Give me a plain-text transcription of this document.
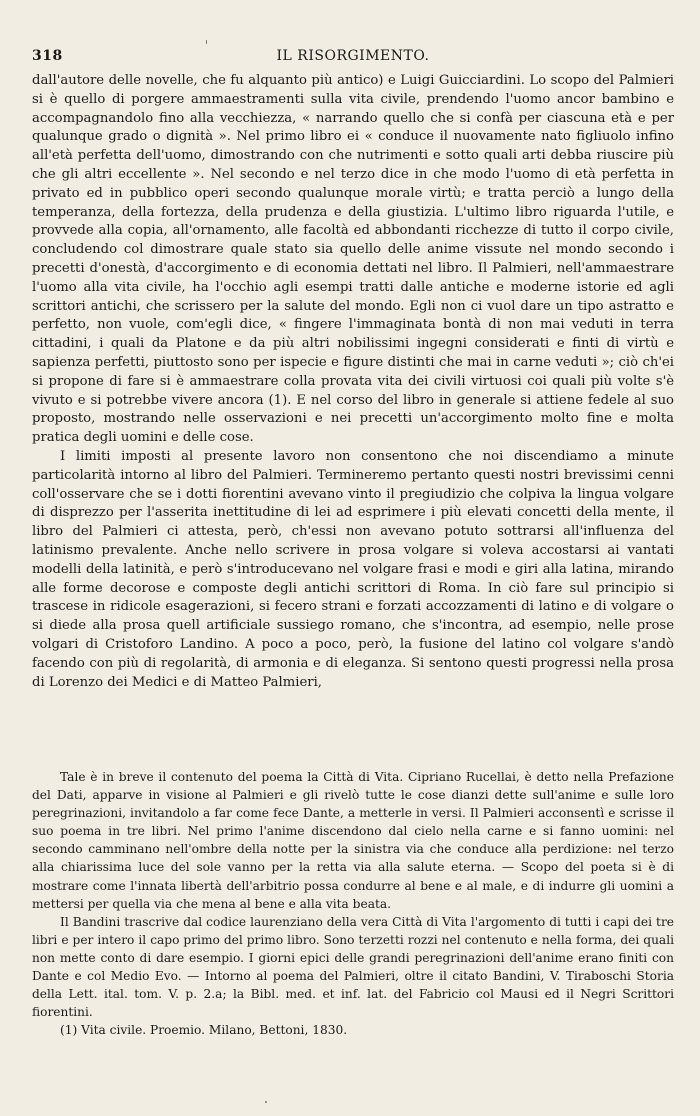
318	IL RISORGIMENTO.

dall'autore delle novelle, che fu alquanto più antico) e Luigi Guicciardini. Lo scopo del Palmieri si è quello di porgere ammaestramenti sulla vita civile, prendendo l'uomo ancor bambino e accompagnandolo fino alla vecchiezza, « narrando quello che si confà per ciascuna età e per qualunque grado o dignità ». Nel primo libro ei « conduce il nuovamente nato figliuolo infino all'età perfetta dell'uomo, dimostrando con che nutrimenti e sotto quali arti debba riuscire più che gli altri eccellente ». Nel secondo e nel terzo dice in che modo l'uomo di età perfetta in privato ed in pubblico operi secondo qualunque morale virtù; e tratta perciò a lungo della temperanza, della fortezza, della prudenza e della giustizia. L'ultimo libro riguarda l'utile, e provvede alla copia, all'ornamento, alle facoltà ed abbondanti ricchezze di tutto il corpo civile, concludendo col dimostrare quale stato sia quello delle anime vissute nel mondo secondo i precetti d'onestà, d'accorgimento e di economia dettati nel libro. Il Palmieri, nell'ammaestrare l'uomo alla vita civile, ha l'occhio agli esempi tratti dalle antiche e moderne istorie ed agli scrittori antichi, che scrissero per la salute del mondo. Egli non ci vuol dare un tipo astratto e perfetto, non vuole, com'egli dice, « fingere l'immaginata bontà di non mai veduti in terra cittadini, i quali da Platone e da più altri nobilissimi ingegni considerati e finti di virtù e sapienza perfetti, piuttosto sono per ispecie e figure distinti che mai in carne veduti »; ciò ch'ei si propone di fare si è ammaestrare colla provata vita dei civili virtuosi coi quali più volte s'è vivuto e si potrebbe vivere ancora (1). E nel corso del libro in generale si attiene fedele al suo proposto, mostrando nelle osservazioni e nei precetti un'accorgimento molto fine e molta pratica degli uomini e delle cose.

I limiti imposti al presente lavoro non consentono che noi discendiamo a minute particolarità intorno al libro del Palmieri. Termineremo pertanto questi nostri brevissimi cenni coll'osservare che se i dotti fiorentini avevano vinto il pregiudizio che colpiva la lingua volgare di disprezzo per l'asserita inettitudine di lei ad esprimere i più elevati concetti della mente, il libro del Palmieri ci attesta, però, ch'essi non avevano potuto sottrarsi all'influenza del latinismo prevalente. Anche nello scrivere in prosa volgare si voleva accostarsi ai vantati modelli della latinità, e però s'introducevano nel volgare frasi e modi e giri alla latina, mirando alle forme decorose e composte degli antichi scrittori di Roma. In ciò fare sul principio si trascese in ridicole esagerazioni, si fecero strani e forzati accozzamenti di latino e di volgare o si diede alla prosa quell artificiale sussiego romano, che s'incontra, ad esempio, nelle prose volgari di Cristoforo Landino. A poco a poco, però, la fusione del latino col volgare s'andò facendo con più di regolarità, di armonia e di eleganza. Si sentono questi progressi nella prosa di Lorenzo dei Medici e di Matteo Palmieri,

Tale è in breve il contenuto del poema la Città di Vita. Cipriano Rucellai, è detto nella Prefazione del Dati, apparve in visione al Palmieri e gli rivelò tutte le cose dianzi dette sull'anime e sulle loro peregrinazioni, invitandolo a far come fece Dante, a metterle in versi. Il Palmieri acconsentì e scrisse il suo poema in tre libri. Nel primo l'anime discendono dal cielo nella carne e si fanno uomini: nel secondo camminano nell'ombre della notte per la sinistra via che conduce alla perdizione: nel terzo alla chiarissima luce del sole vanno per la retta via alla salute eterna. — Scopo del poeta si è di mostrare come l'innata libertà dell'arbitrio possa condurre al bene e al male, e di indurre gli uomini a mettersi per quella via che mena al bene e alla vita beata.

Il Bandini trascrive dal codice laurenziano della vera Città di Vita l'argomento di tutti i capi dei tre libri e per intero il capo primo del primo libro. Sono terzetti rozzi nel contenuto e nella forma, dei quali non mette conto di dare esempio. I giorni epici delle grandi peregrinazioni dell'anime erano finiti con Dante e col Medio Evo. — Intorno al poema del Palmieri, oltre il citato Bandini, V. Tiraboschi Storia della Lett. ital. tom. V. p. 2.a; la Bibl. med. et inf. lat. del Fabricio col Mausi ed il Negri Scrittori fiorentini.

(1) Vita civile. Proemio. Milano, Bettoni, 1830.
